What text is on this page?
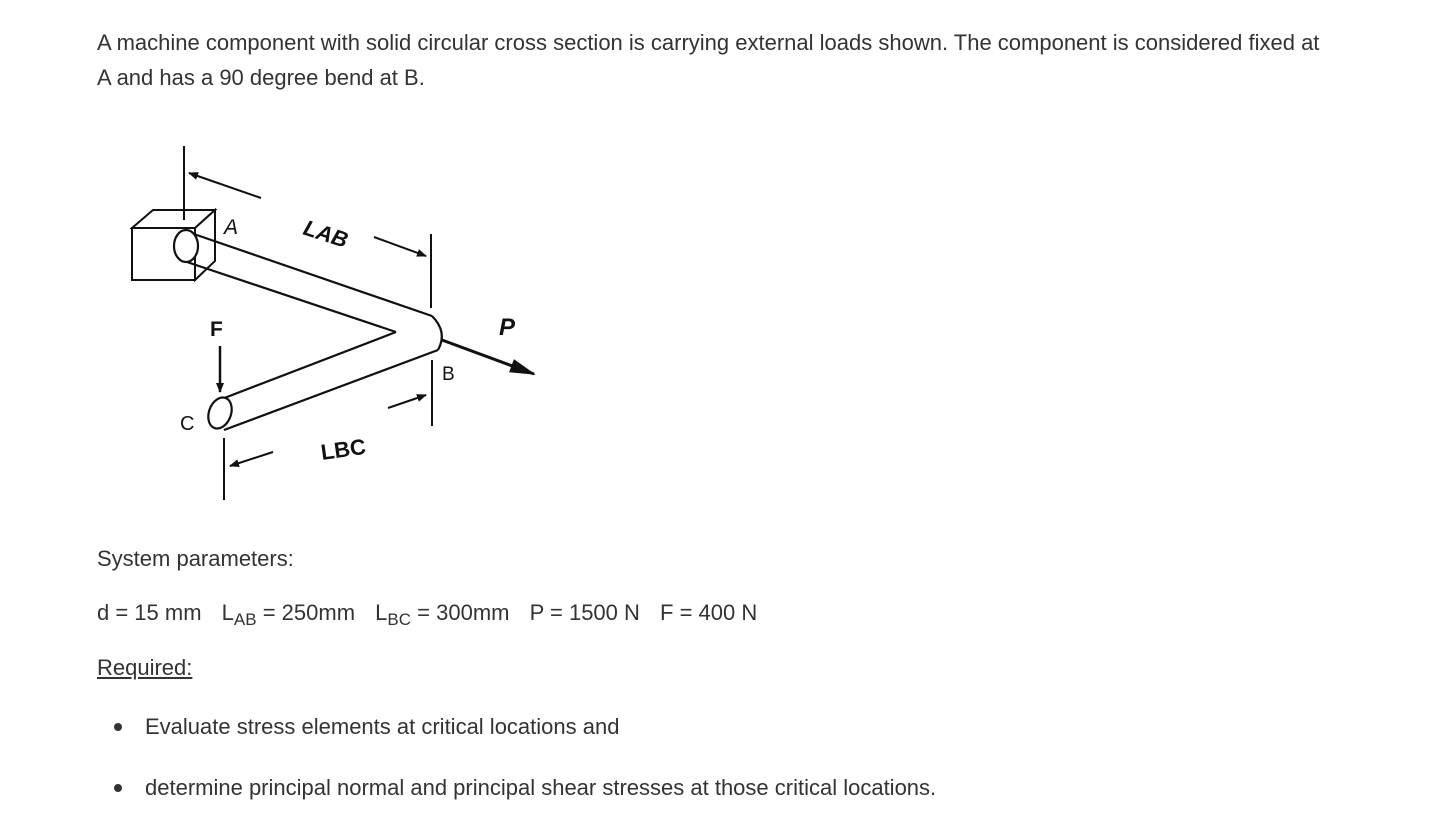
A machine component with solid circular cross section is carrying external loads shown. The component is considered fixed at A and has a 90 degree bend at B.

A	LAB
F	P
B
C
LBC

System parameters:

d = 15 mm $L_{AB} = 250mm$ $L_{BC} = 300mm$ P = 1500 N F = 400 N

Required:

Evaluate stress elements at critical locations and
determine principal normal and principal shear stresses at those critical locations.
